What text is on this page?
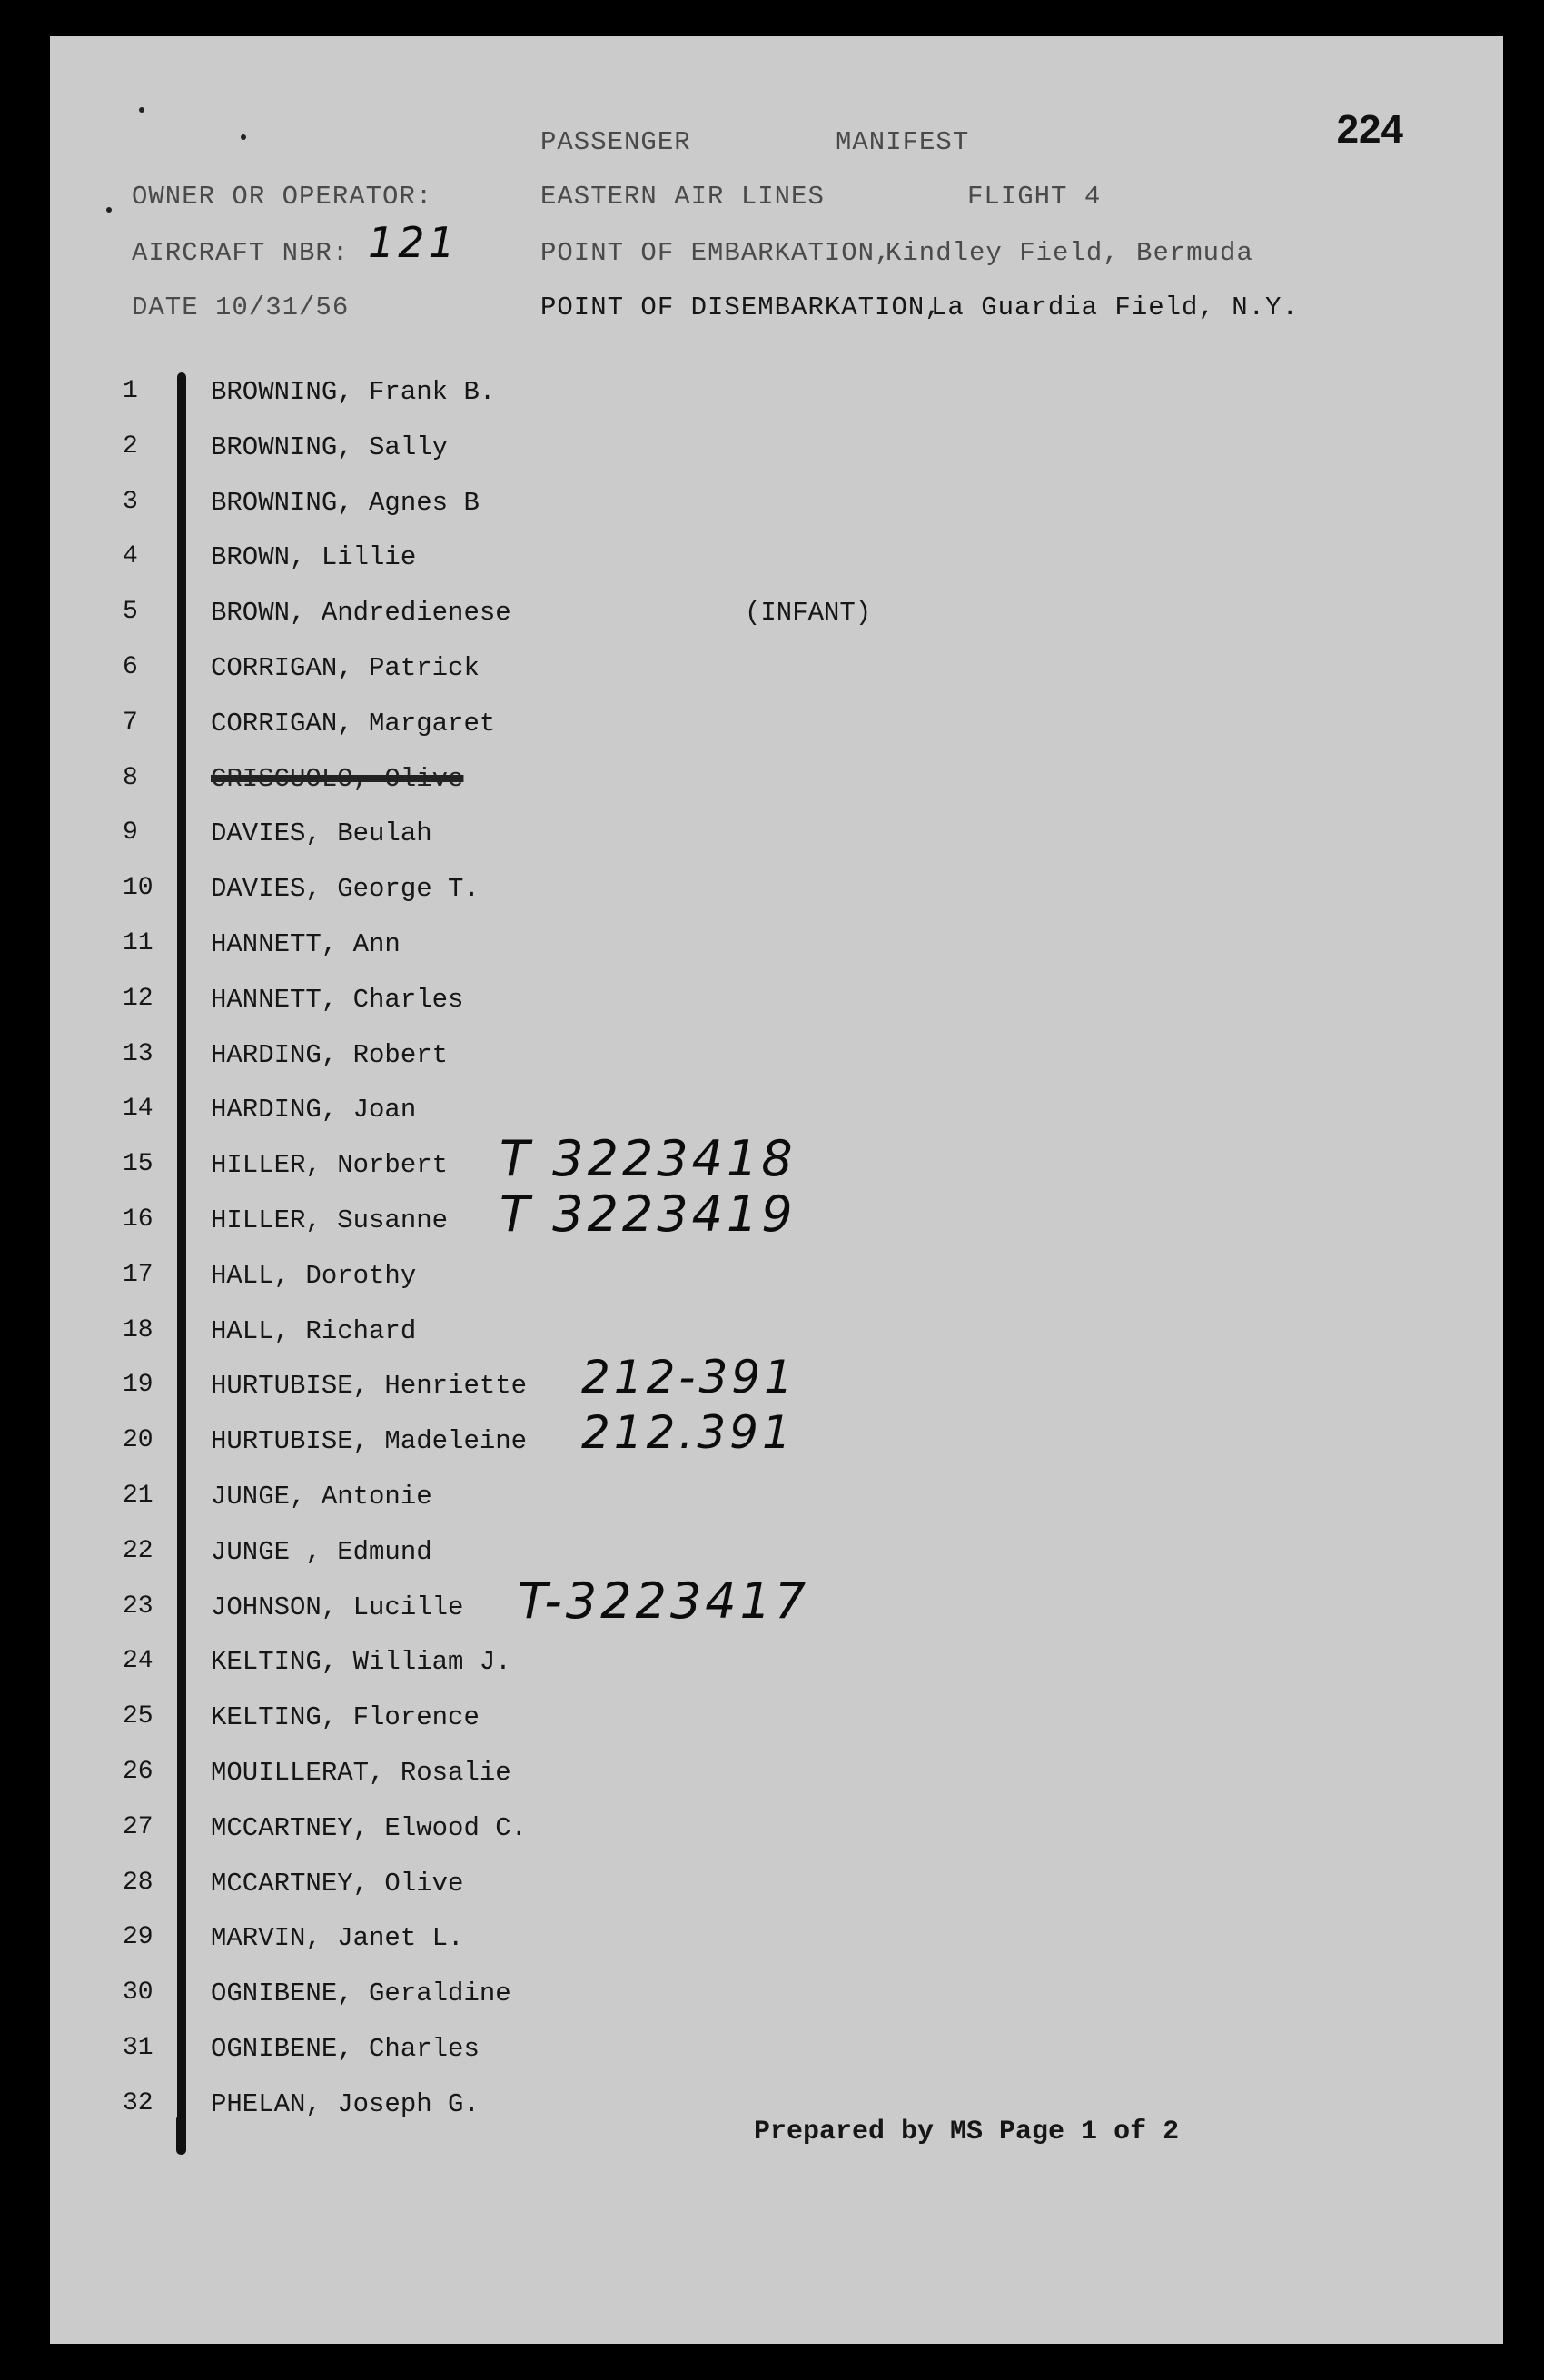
224
PASSENGER	MANIFEST
OWNER OR OPERATOR:	EASTERN AIR LINES	FLIGHT 4
AIRCRAFT NBR: 121	POINT OF EMBARKATION,
Kindley Field, Bermuda
DATE 10/31/56	POINT OF DISEMBARKATION,
La Guardia Field, N.Y.
1	BROWNING, Frank B.
2	BROWNING, Sally
3	BROWNING, Agnes B
4	BROWN, Lillie
5	BROWN, Andredienese	(INFANT)
6	CORRIGAN, Patrick
7	CORRIGAN, Margaret
8	CRISCUOLO, Olive
9	DAVIES, Beulah
10	DAVIES, George T.
11	HANNETT, Ann
12	HANNETT, Charles
13	HARDING, Robert
14	HARDING, Joan
15	HILLER, Norbert T 3223418
16	HILLER, Susanne T 3223419
17	HALL, Dorothy
18	HALL, Richard
19	HURTUBISE, Henriette 212-391
20	HURTUBISE, Madeleine 212.391
21	JUNGE, Antonie
22	JUNGE , Edmund
23	JOHNSON, Lucille T-3223417
24	KELTING, William J.
25	KELTING, Florence
26	MOUILLERAT, Rosalie
27	MCCARTNEY, Elwood C.
28	MCCARTNEY, Olive
29	MARVIN, Janet L.
30	OGNIBENE, Geraldine
31	OGNIBENE, Charles
32	PHELAN, Joseph G.
Prepared by MS Page 1 of 2
